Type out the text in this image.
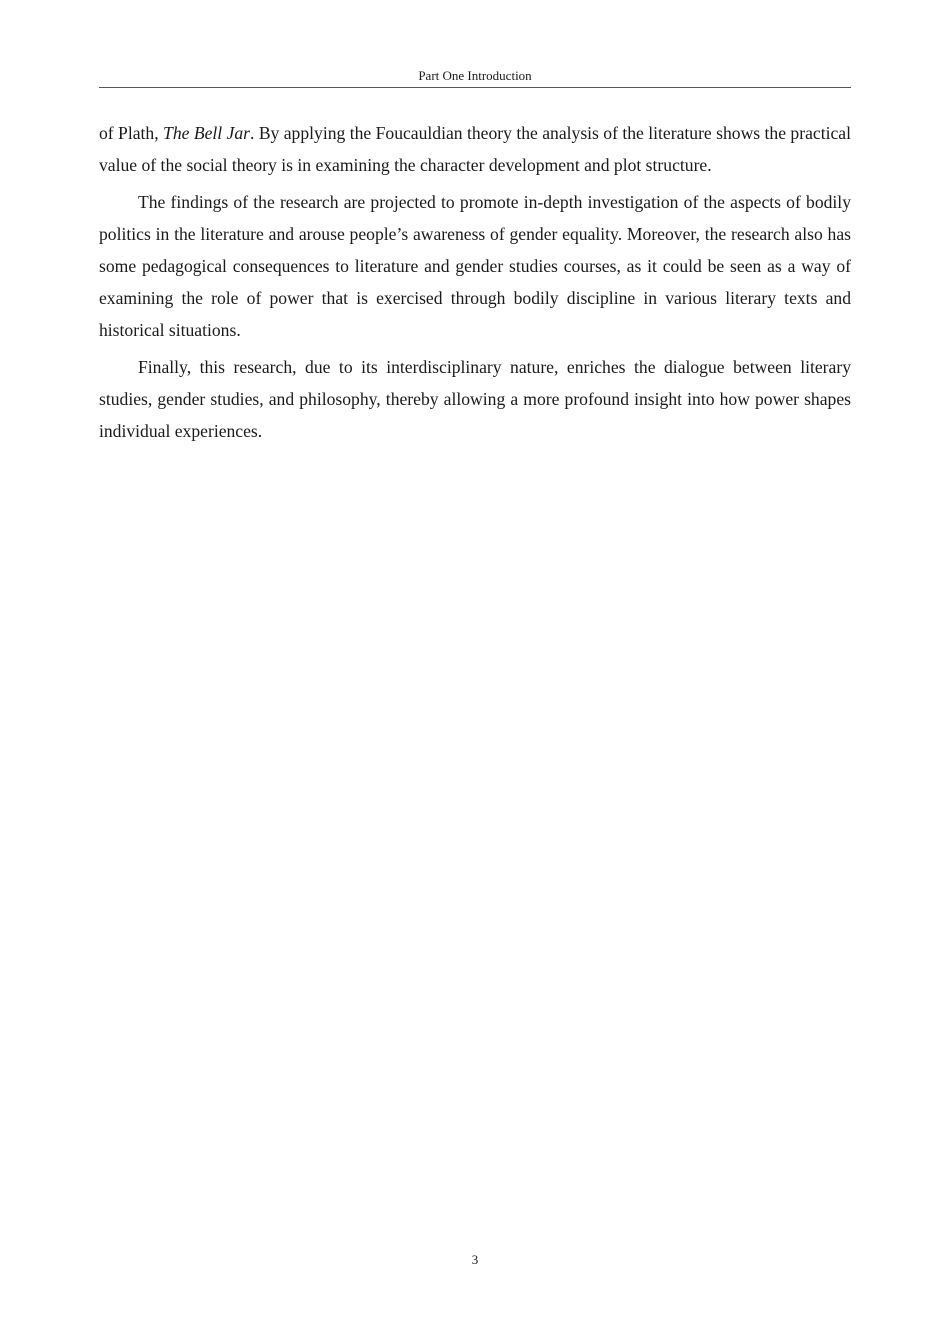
Part One Introduction

of Plath, The Bell Jar. By applying the Foucauldian theory the analysis of the literature shows the practical value of the social theory is in examining the character development and plot structure.

The findings of the research are projected to promote in-depth investigation of the aspects of bodily politics in the literature and arouse people’s awareness of gender equality. Moreover, the research also has some pedagogical consequences to literature and gender studies courses, as it could be seen as a way of examining the role of power that is exercised through bodily discipline in various literary texts and historical situations.

Finally, this research, due to its interdisciplinary nature, enriches the dialogue between literary studies, gender studies, and philosophy, thereby allowing a more profound insight into how power shapes individual experiences.

3
